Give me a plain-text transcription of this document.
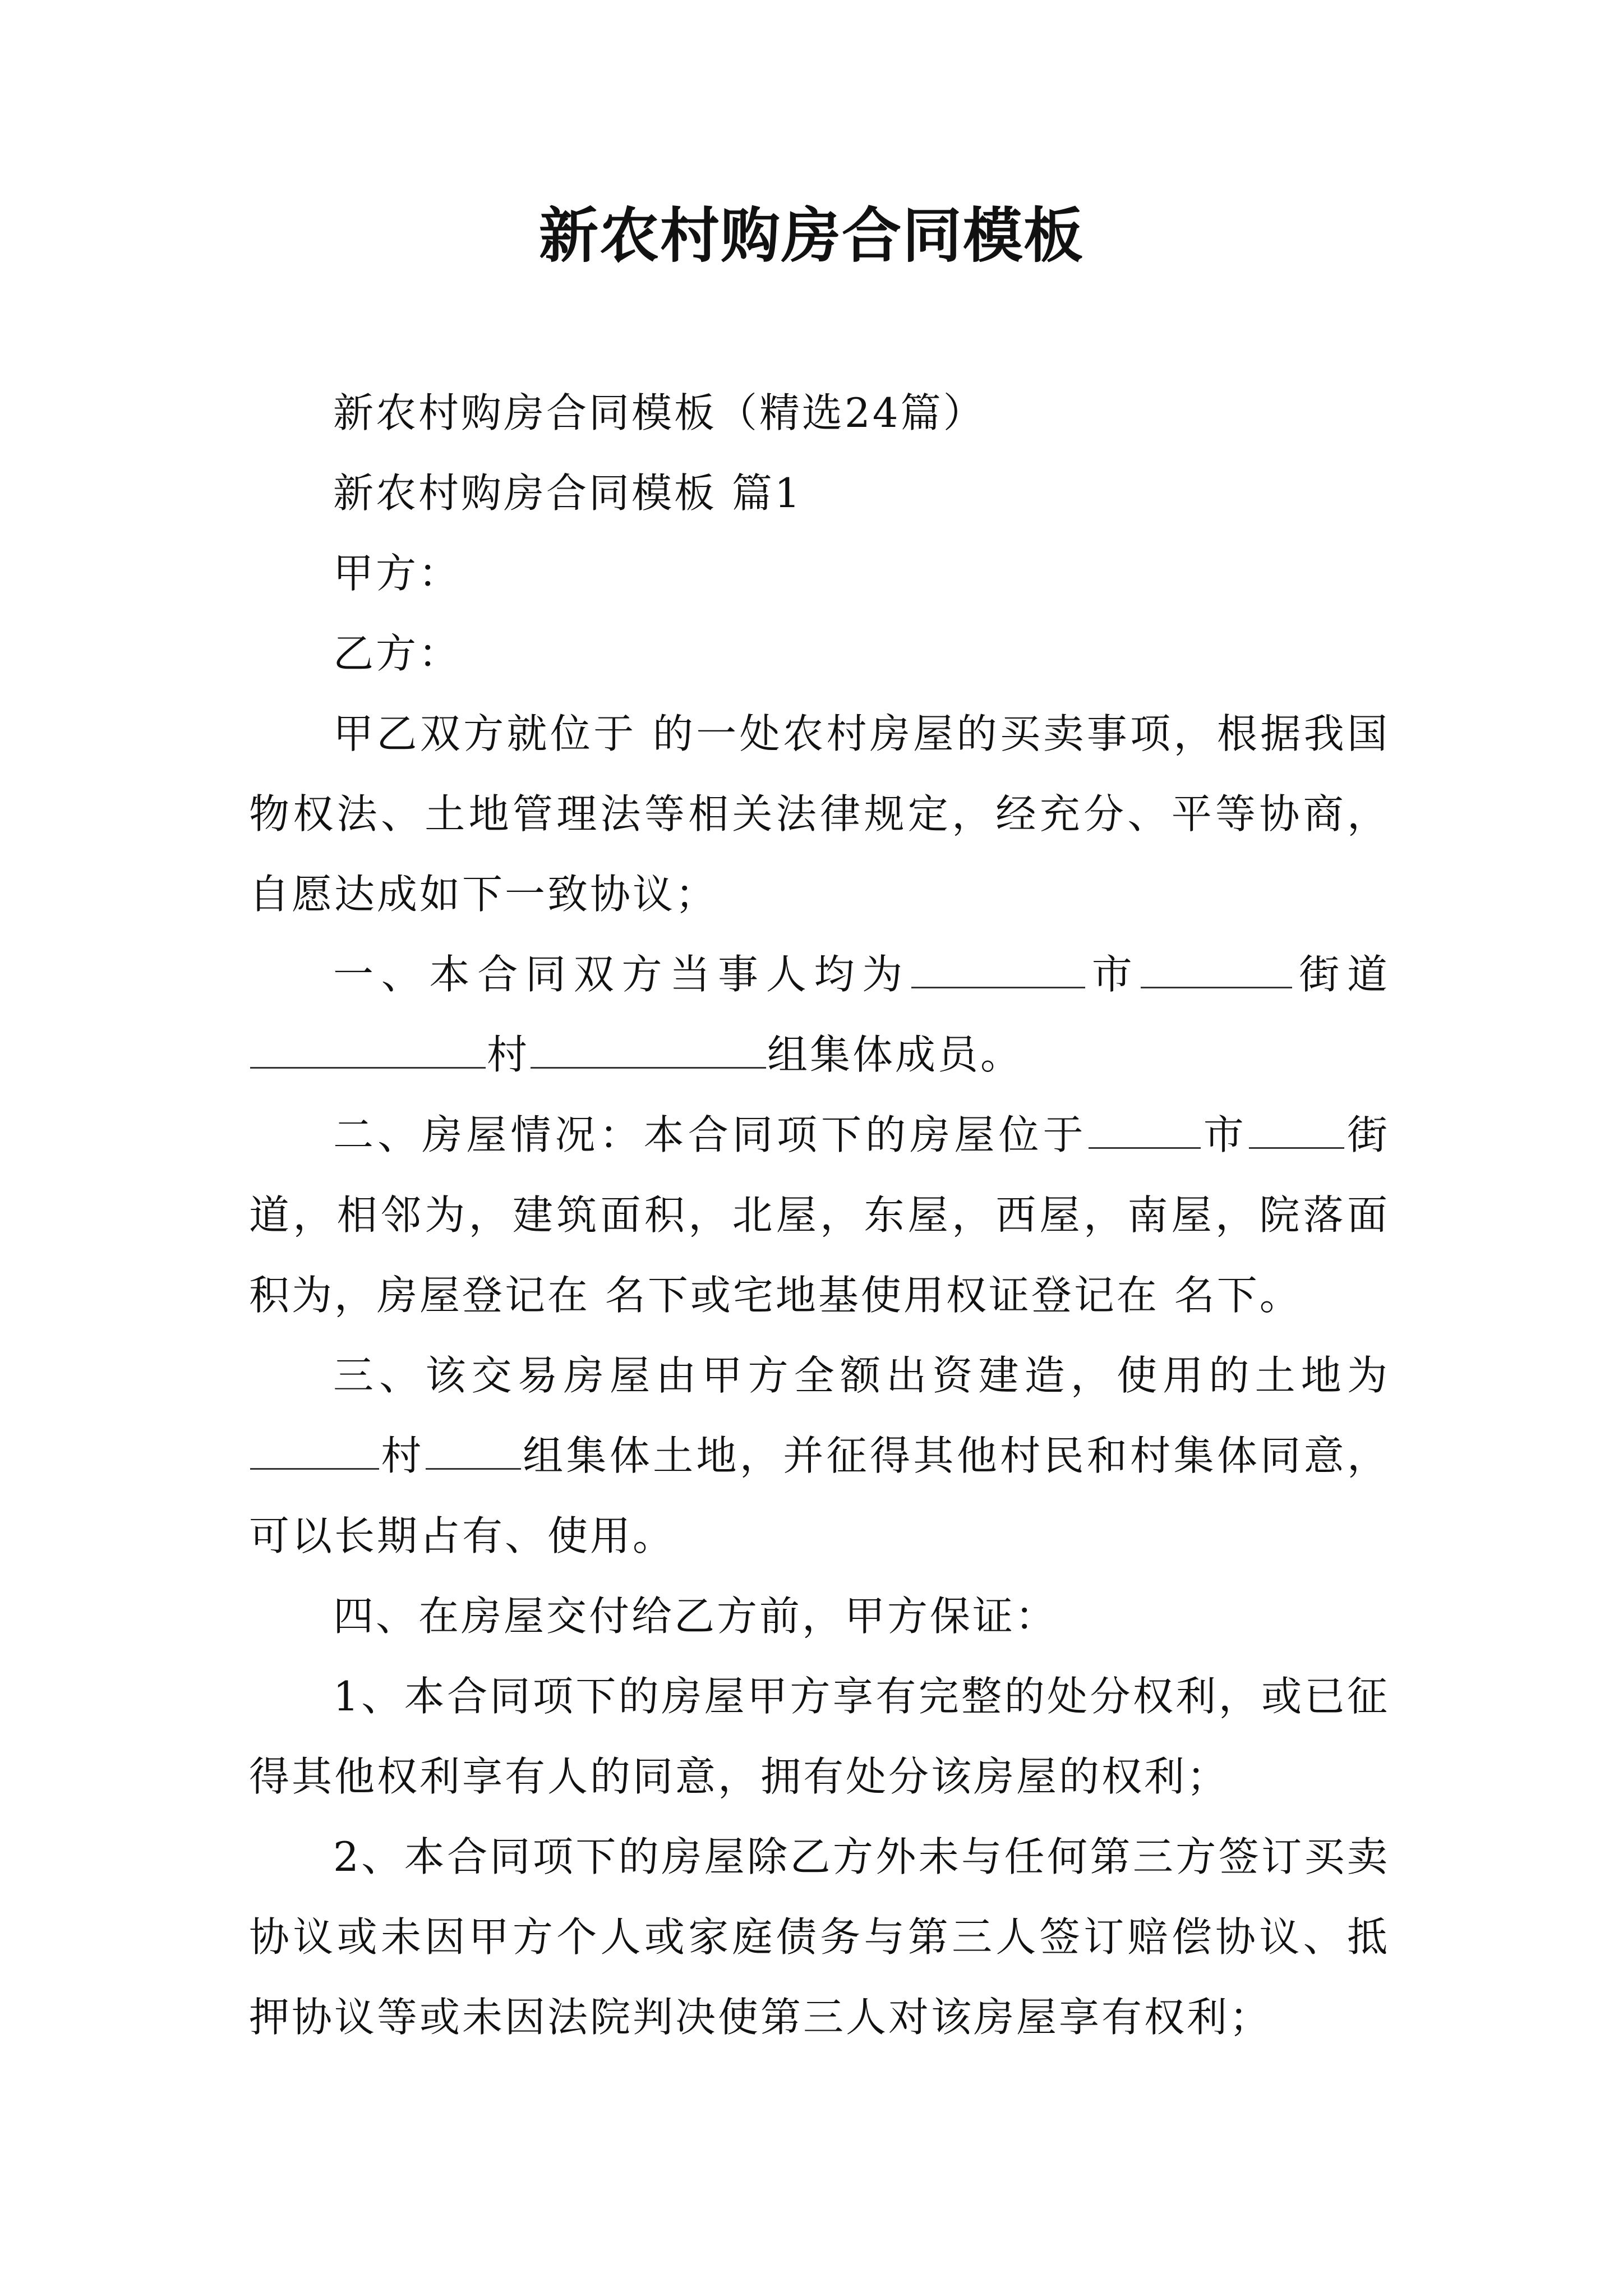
新农村购房合同模板

新农村购房合同模板（精选24篇）

新农村购房合同模板 篇1

甲方：

乙方：

甲乙双方就位于 的一处农村房屋的买卖事项，根据我国物权法、土地管理法等相关法律规定，经充分、平等协商，自愿达成如下一致协议；

一、本合同双方当事人均为	市	街道村	组集体成员。

二、房屋情况：本合同项下的房屋位于	市 街道，相邻为，建筑面积，北屋，东屋，西屋，南屋，院落面积为，房屋登记在 名下或宅地基使用权证登记在 名下。

三、该交易房屋由甲方全额出资建造，使用的土地为村 组集体土地，并征得其他村民和村集体同意，可以长期占有、使用。

四、在房屋交付给乙方前，甲方保证：

1、本合同项下的房屋甲方享有完整的处分权利，或已征得其他权利享有人的同意，拥有处分该房屋的权利；

2、本合同项下的房屋除乙方外未与任何第三方签订买卖协议或未因甲方个人或家庭债务与第三人签订赔偿协议、抵押协议等或未因法院判决使第三人对该房屋享有权利；
